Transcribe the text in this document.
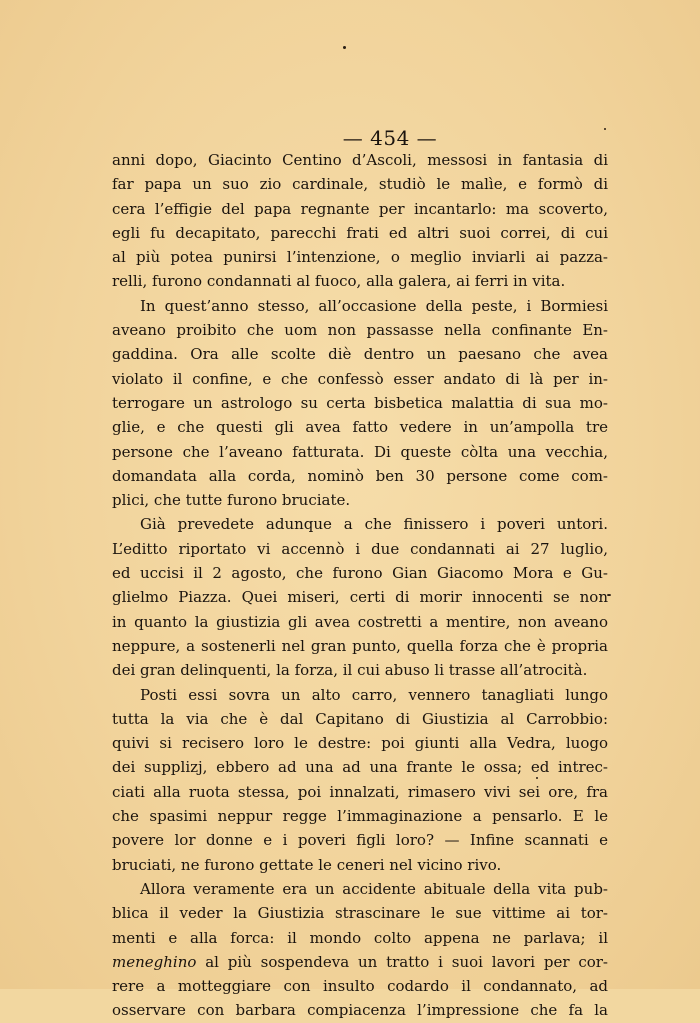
— 454 —
anni dopo, Giacinto Centino d’Ascoli, messosi in fantasia di
far papa un suo zio cardinale, studiò le malìe, e formò di
cera l’effigie del papa regnante per incantarlo: ma scoverto,
egli fu decapitato, parecchi frati ed altri suoi correi, di cui
al più potea punirsi l’intenzione, o meglio inviarli ai pazza-
relli, furono condannati al fuoco, alla galera, ai ferri in vita.
In quest’anno stesso, all’occasione della peste, i Bormiesi
aveano proibito che uom non passasse nella confinante En-
gaddina. Ora alle scolte diè dentro un paesano che avea
violato il confine, e che confessò esser andato di là per in-
terrogare un astrologo su certa bisbetica malattia di sua mo-
glie, e che questi gli avea fatto vedere in un’ampolla tre
persone che l’aveano fatturata. Di queste còlta una vecchia,
domandata alla corda, nominò ben 30 persone come com-
plici, che tutte furono bruciate.
Già prevedete adunque a che finissero i poveri untori.
L’editto riportato vi accennò i due condannati ai 27 luglio,
ed uccisi il 2 agosto, che furono Gian Giacomo Mora e Gu-
glielmo Piazza. Quei miseri, certi di morir innocenti se non
in quanto la giustizia gli avea costretti a mentire, non aveano
neppure, a sostenerli nel gran punto, quella forza che è propria
dei gran delinquenti, la forza, il cui abuso li trasse all’atrocità.
Posti essi sovra un alto carro, vennero tanagliati lungo
tutta la via che è dal Capitano di Giustizia al Carrobbio:
quivi si recisero loro le destre: poi giunti alla Vedra, luogo
dei supplizj, ebbero ad una ad una frante le ossa; ed intrec-
ciati alla ruota stessa, poi innalzati, rimasero vivi sei ore, fra
che spasimi neppur regge l’immaginazione a pensarlo. E le
povere lor donne e i poveri figli loro? — Infine scannati e
bruciati, ne furono gettate le ceneri nel vicino rivo.
Allora veramente era un accidente abituale della vita pub-
blica il veder la Giustizia strascinare le sue vittime ai tor-
menti e alla forca: il mondo colto appena ne parlava; il
meneghino al più sospendeva un tratto i suoi lavori per cor-
rere a motteggiare con insulto codardo il condannato, ad
osservare con barbara compiacenza l’impressione che fa la
